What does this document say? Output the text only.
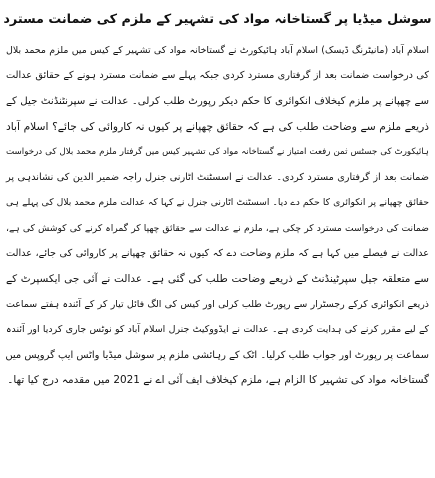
سوشل میڈیا پر گستاخانہ مواد کی تشہیر کے ملزم کی ضمانت مسترد
اسلام آباد (مانیٹرنگ ڈیسک) اسلام آباد ہائیکورٹ نے گستاخانہ مواد کی تشہیر کے کیس میں ملزم محمد بلال
کی درخواست ضمانت بعد از گرفتاری مسترد کردی جبکہ پہلے سے ضمانت مسترد ہونے کے حقائق عدالت
سے چھپانے پر ملزم کیخلاف انکوائری کا حکم دیکر رپورٹ طلب کرلی۔ عدالت نے سپرنٹنڈنٹ جیل کے
ذریعے ملزم سے وضاحت طلب کی ہے کہ حقائق چھپانے پر کیوں نہ کاروائی کی جائے؟ اسلام آباد
ہائیکورٹ کی جسٹس ثمن رفعت امتیاز نے گستاخانہ مواد کی تشہیر کیس میں گرفتار ملزم محمد بلال کی درخواست
ضمانت بعد از گرفتاری مسترد کردی۔ عدالت نے اسسٹنٹ اٹارنی جنرل راجہ ضمیر الدین کی نشاندہی پر
حقائق چھپانے پر انکوائری کا حکم دے دیا۔ اسسٹنٹ اٹارنی جنرل نے کہا کہ عدالت ملزم محمد بلال کی پہلے ہی
ضمانت کی درخواست مسترد کر چکی ہے، ملزم نے عدالت سے حقائق چھپا کر گمراہ کرنے کی کوشش کی ہے،
عدالت نے فیصلے میں کہا ہے کہ ملزم وضاحت دے کہ کیوں نہ حقائق چھپانے پر کاروائی کی جائے، عدالت
سے متعلقہ جیل سپرٹینڈنٹ کے ذریعے وضاحت طلب کی گئی ہے۔ عدالت نے آئی جی ایکسپرٹ کے
ذریعے انکوائری کرکے رجسٹرار سے رپورٹ طلب کرلی اور کیس کی الگ فائل تیار کر کے آئندہ ہفتے سماعت
کے لیے مقرر کرنے کی ہدایت کردی ہے۔ عدالت نے ایڈووکیٹ جنرل اسلام آباد کو نوٹس جاری کردیا اور آئندہ
سماعت پر رپورٹ اور جواب طلب کرلیا۔ اٹک کے رہائشی ملزم پر سوشل میڈیا واٹس ایپ گروپس میں
گستاخانہ مواد کی تشہیر کا الزام ہے، ملزم کیخلاف ایف آئی اے نے 2021 میں مقدمہ درج کیا تھا۔
